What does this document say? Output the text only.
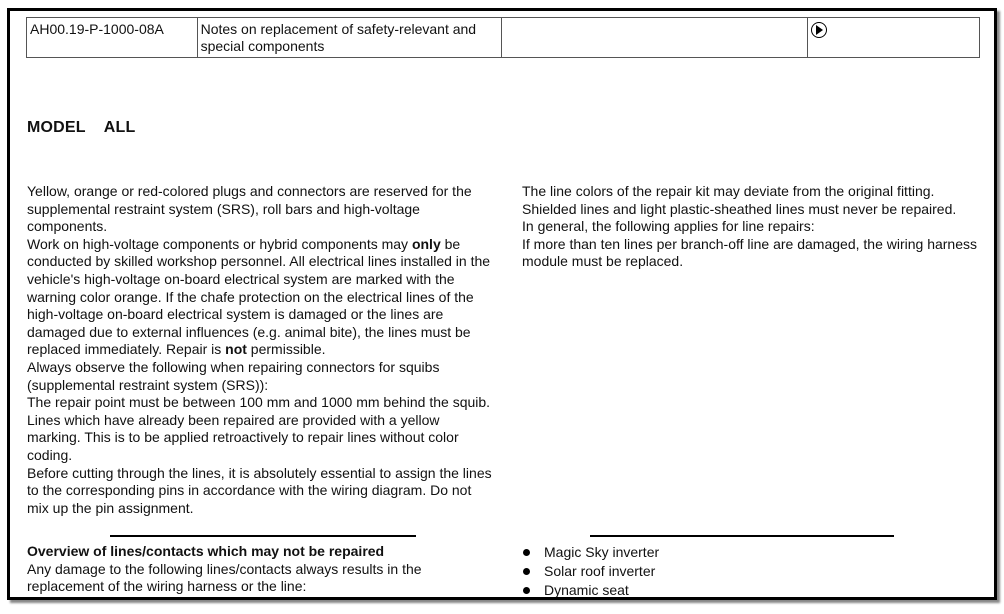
AH00.19-P-1000-08A	Notes on replacement of safety-relevant and special components		
MODEL ALL

Yellow, orange or red-colored plugs and connectors are reserved for the supplemental restraint system (SRS), roll bars and high-voltage components.

Work on high-voltage components or hybrid components may only be conducted by skilled workshop personnel. All electrical lines installed in the vehicle's high-voltage on-board electrical system are marked with the warning color orange. If the chafe protection on the electrical lines of the high-voltage on-board electrical system is damaged or the lines are damaged due to external influences (e.g. animal bite), the lines must be replaced immediately. Repair is not permissible.

Always observe the following when repairing connectors for squibs (supplemental restraint system (SRS)):

The repair point must be between 100 mm and 1000 mm behind the squib. Lines which have already been repaired are provided with a yellow marking. This is to be applied retroactively to repair lines without color coding.

Before cutting through the lines, it is absolutely essential to assign the lines to the corresponding pins in accordance with the wiring diagram. Do not mix up the pin assignment.

The line colors of the repair kit may deviate from the original fitting.

Shielded lines and light plastic-sheathed lines must never be repaired.

In general, the following applies for line repairs:

If more than ten lines per branch-off line are damaged, the wiring harness module must be replaced.

Overview of lines/contacts which may not be repaired

Any damage to the following lines/contacts always results in the replacement of the wiring harness or the line:

Magic Sky inverter
Solar roof inverter
Dynamic seat
